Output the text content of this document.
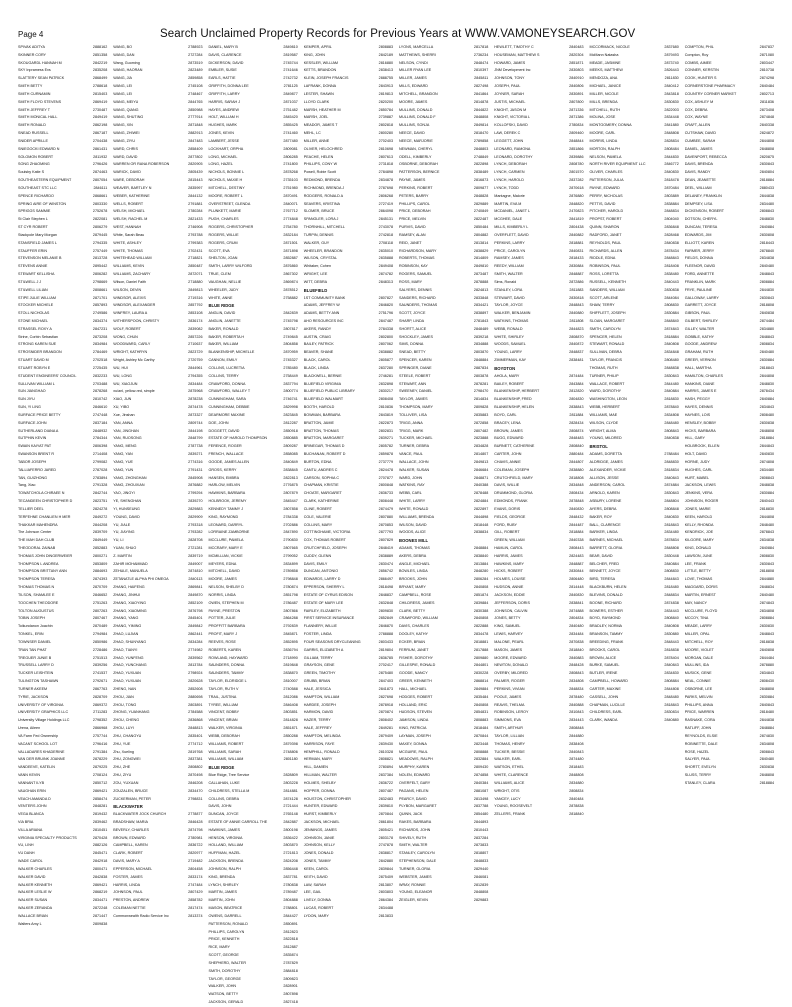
Page 4	Search Unclaimed Property Records for Previous Years at WWW.VAMONEYSEARCH.GOV
SPIVAK ADITYA	2888162
SKINNER CORY	2851358
SKOUGARDL HANNAH M	2842219
SKY Inpramess Exs	2835208
SLATTERY SEAN PATRICK	2868499
SMITH BETTY	2788618
SMITH CURNAMIN	2815403
SMITH FLOYD STEVENS	2869419
SMITH JEFFREY T	2730487
SMITH MONICAL HALL	2849419
SMITH RONALD	2862198
SNEAD RUSSELL	2867187
SNIDER APRILLE	2704438
SNIEGOCKI EDWARD N	2861431
SOLOMON ROBERT	2811932
SONG ZHAOMING	2796426
Soulsby Katie S	2874463
SOUTHEASTERN EQUIPMENT	2807054
SOUTHEAST STC LLC	2846111
SPENCE RICHARDO	2868661
SPRING AIRE OF WINSTON	2803330
SPRIGGS SAMMIE	2752678
St Clair Stephen L	2822081
ST CYR ROBERT	2806279
Stackpole Mary Morgan	2879445
STANSFIELD JAMES L	2794335
STAUFFER ERIN	2757449
STEVENSON MELANIE B	2813728
STEVENS ANNIE	2895442
STEWART KELLISHA	2806282
STILWELL J J	2798669
STILWELL LILIAN	2808661
STIPE JULIE WILLIAM	2871701
STOCKER MICHELE	2857893
STOLL NICHOLAS	2749586
STONE MICHAEL	2834374
STRASSEL ROXY A	2847231
Strine, Corbin Sebastian	2873208
STRONG KAREN SUE	2834984
STROSNIDER BRANDON	2784469
STUART DAVID M	2702518
STUART ROBYN E	2725435
STUDENT ENGINEERS' COUNCIL	2832233
SULLIVAN WILLIAM L	2703488
SUN JIANGHAO	2878268
SUN JIYU	2810742
SUN, YI LING	2846610
SURFACE PRICE BETTY	2747448
SURFACE JOHN	2837184
SUTHERLAND DIANA A	2848932
SUTPHIN KEVIN	2784344
SWAIN KAIYAT PAT	2806398
SWANSON BRENT R	2714408
TABOR JOSEPH	2799082
TALLIAFERRO JARED	2787028
TAN, GUIZHONG	2783894
Tang, Xiao	2791328
TOWATCHOLA CHIRAEE N	2842744
TECANDEEN CHRISTOPHER D	2823751
TELLIER DEEL	2824278
TERFEHNE CHANLIEN H MER	2849272
THAKKAR MAHENDRA	2844208
The Johnson Center	2839709
THE MAH DAH CLUB	2849449
THEODORAL ZAINAB	2852883
THOMAS JOHN DINGERWEIER	2800271
THOMPSON L ANDREA	2853809
THOMPSON BRITTANY ANN	2884693
THOMPSON TERESA	2874393
THOMAS THOMAS N	2870709
TILSON, SHAMLEE E	2846652
TOOCHEN THEODORE	2751263
TOLTON AUGUSTUS	2807263
TOBIN JOSEPH	2807467
Toikundanon Joachin	2870489
TONKEL, ERIN	2794984
TOWNSER DANIEL	2850986
TRAN TAN PHAT	2728486
TREGUER JUNIE B	2751513
TRUSSELL LARRY D	2839256
TUCKER LEISHTEIN	2741537
TULINGTON TASHAWN	2792671
TURNER AKEEM	2867763
TYRIE, JACKSON	2828709
UNIVERSITY OF VIRGINIA	2869372
UNIVERSITY GRAPHICS LLC	2711283
University Village Holdings LLC	2798352
Urena, Aileen	2866968
VA Farm Fed Ownership	2757744
VACANT SCHOOL LOT	2796416
VALLADARES KHADERINE	2791384
VAN DER BRUINK JOANNE	2878229
VANDEEVE, KATELIN	2879225
VANN KEVIN	2708124
VANNANT ILYB	2850712
VAUGHAN ERIN	2869421
VEACH AMANDA D	2858474
VENTERS JOHN	2848281
VEGA BLANCA	2819432
VIA BRIA	2839462
VILLA ARIANA	2810451
VIRGINIA SPECIALTY PRODUCTS	2870428
VU, LINH	2882126
VU DANH	2845471
WADE CAROL	2842918
WALKER CHARLES	2800471
WALKER DAVID	2842838
WALKER KENNETH	2869421
WALKER LESLIE W	2868219
WALKER SUSAN	2834471
WALKER ZERANDA	2872248
WALLACE BRIAN	2871447
Walters Amy L	2809838
WANG, BO	2788923
WANG, DAN	2727284
Wang, Guoming	2873519
WANG, HAORAN	2823489
WANG, JIA	2859858
WANG, LEI	2745108
WANG, LEI	2748467
WANG, MEIYU	2844765
WANG, QIANG	2850988
WANG, SHUTING	2777914
WANG, XIN	2871848
WANG, ZHIWEI	2882913
WANG, ZIYU	2847483
WARD, CHRIS	2858409
WARD, DAVID	2877802
WARREN OR RANA ROBERSON	2820905
WARICK, DAVID	2805439
WARE, DEBORAH	2815443
WEAVER, BARTLEY N	2835997
WEBER, KATHERINE	2844132
WELLS, ROBERT	2791881
WELSH, MICHAEL	2780284
WELSH, RACHEL M	2821433
WEST, HANNAH	2746908
White, Sarah Beau	2793788
WHITE, ASHLEY	2799383
WHITE, THOMAS	2702431
WHITEHEAD WILLIAM	2718821
WILLIAMS, KEVIN	2850487
WILLIAMS, ZACHARY	2872071
Wilson, Daniel Faith	2718880
WILSON, DEVIN	2849813
WINDSOR, ALEXIS	2719316
WINDSOR, ALEXANDER	2857792
WINFREY, LAURA A	2853108
WITHERSPOON, CHRISTY	2836174
WOLF, ROBERT	2839082
WONG, CHUN	2857226
WOODWARD, CARLY	2710637
WRIGHT, KATHRYN	2823729
Wright, Ashley Mc Carthy	2720759
WU, HUI	2844961
WU, LONG	2794355
WU, XIAOJUN	2834484
xu/anl, yellow-red, simple	2875968
XIAO, JUN	2878238
XU, YIBO	2874478
Xue, Jinshan	2873327
YAN, ANNA	2809744
YAN, JINGHAN	2844198
YAN, RUOSONG	2848799
YANG, MENG	2787738
YANG, YAN	2839271
YANG, YUE	2774316
YANG, YUN	2791431
YANG, ZHONGHAN	2845908
YANG, ZHOUXIAN	2876882
YAO, JINGYI	2799294
YE, SHENGHAN	2839270
YI, HUNSEUNG	2829883
YOUNG, DAVID	2829909
YU, JIALE	2793318
YU, JIAYING	2793282
YU, LI	2828708
YUAN, SHUO	2721281
Z. MARTIN	2839719
ZAHIR MOHAMMAD	2849007
ZEHULE, MANUELA	2874810
ZETANATLE ALPHA PHI OMEGA	2840113
ZHANG, HAIFENG	2869841
ZHANG, JINHUI	2849870
ZHANG, XIAOYING	2852109
ZHANG, XIAOMING	2876798
ZHANG, YANG	2845401
ZHANG, YIMING	2849842
ZHAO, LUJIAN	2862441
ZHAO, SHUNYANG	2834284
ZHAO, TIANYI	2774982
ZHAO, YUNFENG	2839562
ZHAO, YUNCHANG	2813784
ZHAO, YUXUAN	2798924
ZHAO, YUXUAN	2820628
ZHENG, NAN	2852608
ZHOU, JIAN	2880698
ZHOU, TONG	2803891
ZHONG, YUANHANG	2784588
ZHOU, CHENG	2836868
ZHOU, LUYI	2848813
ZHU, CHANGYU	2835401
ZHU, YUE	2774712
Zhu, Xueling	2819768
ZHU, ZONGWEI	2837381
ZHU, ZHE	2808802
ZHU, ZIYU	2870498
ZOU, YUXUAN	2846208
ZOUZALEN, BRUCE	2834470
ZUCKERMAN, PETER	2798831
BLACKWATER
BLACKWATER JOCK CHURCH	2778877
BRADSHAW, MARIA	2846428
BEVERLY, CHARLES	2874798
BROWN, EDWARD	2780981
CAMPBELL, KAREN	2836722
CLARK, ROBERT	2820977
DAVIS, MARY A	2719482
EPPERSON, MICHAEL	2804458
FOSTER, JAMES	2833174
HARRIS, LINDA	2747484
JOHNSON, PAUL	2807429
PRESTON, ANDREW	2858782
COLEMAN NETTIE	2817474
Commonwealth Radio Service Inc	2813374
DANIEL, MARY B	2849810
DAVIS, CLARENCE	2819587
DICKERSON, DAVID	2745744
EMBLER, SUSIE	2741646
EARLS, HATTIE	2742732
GRIFFITH, DONNA LEE	2781125
GRIFFITH, LARRY	2849877
HARRIS, SARAH J	2871037
HAYES, ANDREW	2751482
HOLT, WILLIAM H	2845420
HUGHES, MARK	2855425
JONES, KEVIN	2741460
LAMBERT, JESSE	2877480
LOCKHART, ORPHA	2809081
LONG, MICHAEL	2806285
LONG, HAZEL	2741800
NICHOLS, BONNIE L	2878268
NICHOLS, MAXIE H	2735103
MITCHELL, DESTINY	2751980
MOORE, ROBERT L	2870491
OVERSTREET, GLENDA	2840071
PLUNKETT, MARIE	2767712
PUGH, CHARLES	2774848
ROGERS, CHRISTOPHER	2754780
ROGERS, WILLIE	2832184
ROGERS, CRUM	2871501
SCOTT, EVA	2871898
SHELTON, JOAN	2852887
SMITH, LARRY WILFORD	2876860
TRUE, CLEM	2867302
VAUGHAN, NELLIE	2869874
WHEELER, JUDY	2878512
WHITE, ANNE	2758882
BLUE RIDGE
ANGLIN, DAVID	2842839
ANGLIN, JANETTE	2745798
BAKER, RONALD	2807817
BAKER, ROBERTA H	2749845
BAKER, WILLIAM	2804858
BLANKENSHIP, MICHELLE	2870959
CANNON, EMILY	2745327
COLLINS, LUCRETIA	2785480
COLLINS, TERRY	2758449
CRAWFORD, DONNA	2837794
CRAWFORD, WALLEY T	2800774
CUNNINGHAM, SARA	2746741
CUNNINGHAM, DEBBIE	2829998
DEARMORE MAXINE	2823845
DOE, JOHN	2812287
DOGGETT, DAVID	2850918
ESTATE OF HAROLD THOMPSON	2850885
FERENCE, ROGER	2809287
FRENCH, WALLACE	2858085
GOODE, JAMES ALLEN	2840849
GROSS, KERRY	2838845
HANSEN, EMBRA	2822813
HARLOW, MELVIN	2776875
HAWKINS, BARBARA	2807879
HOLBROOK, JEREMY	2845447
KENNEDY TAMMY J	2807858
KING, RAYMOND	2784338
LEONARD, DARRYL	2702886
LORRAINE ZAMBORNE	2847890
MCCLURE, PAMELA	2790830
MCCRARY, MARY E	2807665
MCMILLIAN, VICKIE	2799052
MEYERS, EDNA	2834899
MITCHELL, DAVID	2789858
MOORE, JAMES	2798848
NELSON, SHELBY D	2780874
NORRIS, LINDA	2851798
OWEN, STEPHEN M	2786487
PAYNE, PRESTON	2807866
POTTER, JULIE	2864288
PROFFITT BARBARA	2792839
PROFIT, MARY J	2845871
REEVES, ROSE	2852895
ROBERTS, KAREN	2836794
ROWLAND, HAYWARD	2718990
SAUNDERS, DONNA	2819848
SAUNDERS, TAMMY	2838870
TAYLOR, ELDRIDGE L	2810007
TAYLOR, RUTH V	2740588
TRAIL, JUSTINA	2812086
TYREE, WILLIAM	2846408
VINCENT, BOBBY	2803851
VINCENT, BRIAN	2814828
WALKER, VIRGINIA	2851871
WEBB, DEBORAH	2850288
WILLIAMS, ROBERT	2879398
WILLIAMS, SARAH	2748806
WILLIAMS, WILLIAM	2801180
BLUE RIDGE
Blue Ridge, Tree Service	2828809
CALLAHAN, LUKE	2803228
CHILDRESS, STELLA M	2814881
COLLINS, DEBRA	2874128
DAVIS, JOHN	2721444
DUNCAN, JOYCE	2765148
ESTATE OF ANNIE CARROLL THE	2842887
HAWKINS, JAMES	2800198
HENSON, VIRGINIA	2836422
HOLLAND, WILLIAM	2803870
HUFFMAN, HAZEL	2721813
JACKSON, BRENDA	2824208
JOHNSON, RALPH	2856448
KING, BRENDA	2837781
LYNCH, SHIRLEY	2780838
MARTIN, JAMES	2789487
MARTIN, JOHN	2804888
MASON, BEATRICE	2788801
OWENS, DARRELL	2844427
PATTERSON, RONALD	2850891
PHILLIPS, CAROLYN	2812823
PRICE, KENNETH	2822818
RICE, MARY	2812887
SCOTT, GEORGE	2835874
SHEPHERD, WALTER	2787829
SMITH, DOROTHY	2884818
TAYLOR, GEORGE	2809823
WALKER, JOHN	2828901
WATSON, BETTY	2807898
JACKSON, GERALD	2827418
KEMPER, APRIL	2808883
KING, JOHN	2842189
KESSLER, WILLIAM	2816880
KETTS, BRANDON	2838413
KLEIN, JOSEPH FRANCIS	2888755
LAFRANK, DONNA	2843913
LESTER, SHAWN	2819813
LLOYD CLARK	2820200
MARSH, HEATHER M	2850784
MARSH, JOEL	2739887
MEADOR, JAMES T	2802818
MEHL, LC	2800280
MILLER, ANNE	2702403
OLIVER, HELOCHRED	2810698
PEACHE, HELEN	2807613
PHILLIPS, CONY W	2731818
Powell, Robie Scott	2784898
REDMOND, BRENDA	2834878
RICHMOND, BRENDA J	2787698
RODGERS, RONALD A	2806268
SEAVERS, KRISTINA	2727419
SLOMER, BRUCE	2864098
SPANGLER, LORA J	2845131
THORNHILL, MITCHELL	2743078
TURPIN, DENNIS	2742818
WALKER, GUY	2708118
WHEELER, BRANDON	2835010
WILSON, CRYSTAL	2835888
Whitaker, Cohen	2849408
WRIGHT, LEE	2874782
WITT, DEBRA	2848313
BLUEFIELD
1ST COMMUNITY BANK	2807827
ADAMS, JEFFREY W	2846820
ADAMS, BETTY ANN	2751796
AHO RESOURCES INC	2847487
AKERS, RANDY	2784338
AUSTIN, CRAIG	2802800
BAILEY, PATRICK	2807062
BEAVER, SHANE	2838882
BLACK, CAROL	2805877
BLACK, LINDA	2837280
BLACKWELL, BERNIE	2746281
BLUEFIELD VIRGINIA	2832898
BLUEFIELD PUBLIC LIBRARY	2830217
BLUEFIELD WALMART	2808408
BOOTH, HAROLD	2810836
BOWMAN, BARBARA	2843819
BRATTON, JAMIE	2822873
BRATTON, THOMAS	2802831
BRATTON, MARGARET	2839271
BRINEGAR, THOMAS D	2805782
BUCHANAN, ROBERT D	2859878
BURTON, EDNA	2737779
CANTU, ANDRES C	2824478
CARSON, SOPHIA C	2707877
CHAPMAN, KRISTIE	2800848
CHOATE, MARGARET	2836733
CLARK, KATHERINE	2808448
CLINE, ROBERT	2874479
COLE, VALERIE	2807880
COLLINS, MARY	2870853
COTTINGHAME, VICTORIA	2877793
COX, THOMAS ROBERT	2807829
CRUTCHFIELD, JOSEPH	2848419
CUDDY, GLENN	2838889
DAVIS, EMILY	2830474
DUNCAN, ANTONIO	2856742
EDWARDS, LARRY D	2866497
EPPERSON, SHERRY L	2818498
ESTATE OF CYRUS EDISON	2848837
ESTATE OF MARY LEE	2832848
FAIRLEY, ELIZABETH	2809830
FIRST SERVICE INSURANCE	2852849
FLANNERY, WILLIE	2846870
FOSTER, LINDA	2788888
FOUR SEASONS DRYCLEANING	2803433
GARRIS, ELIZABETH A	2819804
GILLIAM, TERRY	2836785
GRAYSON, GENE	2702417
GREEN, TIMOTHY	2875480
GRUBB, BRIAN	2847403
HALE, JESSICA	2841873
HAMPTON, WILLIAM	2827698
HARDEE, JOSEPH	2878918
HARMON, DAVID	2870874
HAZER, TERRY	2808402
HALE, JEFFREY	2849281
HAMPTON, MELINDA	2879409
HARRISON, FAYE	2839430
HEMPHILL, RONALD	2810328
HERMAN, MARY	2808821
HILL, DAMIEN	2780894
HILLMAN, WALTER	2837384
HOLMES, SHELBY	2836722
HOPPER, DONNA	2807487
HOUSTON, CHRISTOPHER	2832483
HUNTER, EDWARD	2839810
HURST, KIMBERLY	2870844
JACKSON, MICHAEL	2861804
JENNINGS, JAMES	2805421
JOHNSON, JANIE	2803178
JOHNSON, KELLY	2747878
JONES, DONALD	2838817
JONES, TAMMY	2842880
KEEN, CAROL	2839844
KEITH, DAVID	2875409
LAW, SARAH	2813807
LEE, GAIL	2803803
LIVELY, DONNA	2864384
LUCAS, ROBERT	2834488
LYDON, MARY	2813833
LYONS, MARCELLA	2817818
MATTHEWS, SHERRI	2736234
NELSON, CYNDI	2848474
MILLER RYAN LEE	2810397
MILLER, JAMES	2845811
MILLS, EDWARD	2827498
MITCHELL, BRANDON	2841864
MOORE, JAMES	2814878
MULLINS, DONALD	2844822
MULLINS, DONALD F	2848808
MULLINS, SONJA	2849814
NEECE, DAVID	2818470
NEECE, MARJORIE	2789858
NEWMAN, CHERYL	2848803
ODELL, KIMBERLY	2748849
OSBORNE, DEBORAH	2822898
PATTERSON, BERNICE	2838489
PAYNE, JAMES	2816873
PERKINS, ROBERT	2809877
PETERS, BARRY	2848828
PHILLIPS, CAROL	2829889
PRICE, DEBORAH	2740849
PRICE, MELVIN	2822487
PURVIS, DAVID	2850484
RAMSEY, ALAN	2804882
REID, JANET	2813814
RICHARDSON, MARY	2838829
ROBERTS, THOMAS	2814809
ROBINSON, KAY	2849810
ROGERS, SAMUEL	2873487
ROSS, MARY	2878888
SALYERS, DENNIS	2824813
SANDERS, RICHARD	2833848
SAUNDERS, THOMAS	2834421
SCOTT, JOYCE	2838897
SHARP, LINDA	2781843
SHORTT, ALICE	2848489
SHOCKLEY, JAMES	2839218
SIMS, DONNA	2834888
SNEAD, BETTY	2803870
SPENCER, KAREN	2848884
SPRINGER, DIANE	2887834
STEELE, ROBERT	2803878
STEWART, ANN	2878281
SWEENEY, DANIEL	2798470
TAYLOR, JAMES	2814834
THOMPSON, MARY	2809828
TOLLIVER, LISA	2835883
TRIGG, ANNA	2872858
TRIGG, MARK	2807482
TUCKER, MICHAEL	2823888
TURNER, DEBRA	2834828
VANCE, PAUL	2814807
WALLACE, JOHN	2849813
WALKER, SUSAN	2846684
WARD, JOHN	2848871
WATKINS, RAY	2840388
WEBB, CARL	2878488
WHITE, LARRY	2824884
WHITE, RONALD	2822897
WILLIAMS, BRENDA	2844898
WILSON, DAVID	2818448
WOODS, ALICE	2838834
BOONES MILL
ADAMS, THOMAS	2848884
AKERS, DEBRA	2838840
ANGLE, MICHAEL	2813884
BOWLES, LINDA	2848280
BROOKS, JOHN	2806284
BRYANT, MARY	2840808
CAMPBELL, ROSE	2851874
CHILDRESS, JAMES	2839884
CLARK, BETTY	2830388
CRAWFORD, WILLIAM	2840808
DAVIS, CHARLES	2822888
DOOLEY, KATHY	2834478
ECKER, BRIAN	2818881
FERRUM, JANET	2817888
FISHER, DOROTHY	2809880
GILLESPIE, RONALD	2844801
GOODE, NANCY	2830228
GREER, KENNETH	2868814
HALL, MICHAEL	2849884
HODGES, ROBERT	2835484
HOLLAND, ERIC	2840808
HUDSON, STEVEN	2854831
JAMISON, LINDA	2808883
KING, PATRICIA	2818484
LAYMAN, JOSEPH	2870844
MAXEY, DONNA	2823448
MCGUIRE, PAUL	2808888
MEADOWS, RALPH	2832884
MURPHY, KAREN	2809430
NOLEN, EDWARD	2874858
OVERFELT, GARY	2840384
PAGANS, HELEN	2881087
PEARCY, DAVID	2813498
PLYBON, MARGARET	2837788
QUINN, JACK	2854480
RAKES, BARBARA	2844893
RICHARDS, JOHN	2810443
SHIVELY, RUTH	2837284
SMITH, WALTER	2873833
STANLEY, CAROLYN	2818807
STEPHENSON, DALE	2848833
TURNER, GLORIA	2829440
WEBSTER, JAMES	2846081
WRAY, RONNIE	2812839
YOUNG, ELEANOR	2848808
ZEIGLER, KEVIN	2829883
HEWLETT, TIMOTHY C	2840483
HOUSEMAN, MATTHEW S	2820304
HOWARD, JAMES	2851871
JNM Development Inc	2830803
JOHNSON, TONY	2840910
JOSEPH, PAUL	2840806
JOYNER, SARAH	2830891
JUSTIS, MICHAEL	2807800
KNIGHT, JASON M	2871336
KNIGHT, VICTORIA L	2871386
KOLLOFSKI, DAVID	2780834
LAW, DEREK C	2809460
LEGGETT, JOHN	2848844
LEONARD, RAMONA	2851866
LEONARD, DOROTHY	2839886
LYNCH, DEBORAH	2808780
LYNCH, CARMEN	2801570
LYNCH, HAROLD	2837282
LYNCH, TODD	2870618
Mantagne, Malorie	2876880
MARTIN, EVA M	2848820
MCDANIEL, JANET L	2470823
MCGHEE, DALE	2841819
MILLS, KIMBERLY L	2804438
OVERFLETT, DAVID	2840882
PERKINS, LARRY	2818881
PRICE, CAROLYN	2840831
RAMSEY, JAMES	2818433
REEDY, WILLIAM	2830884
SMITH, WALTER	2848887
Sims, Ronald	2872886
STANLEY, LORA	2811883
STEWART, DAVID	2830818
TAYLOR, JOYCE	2848843
WALKER, BENJAMIN	2840880
WATKINS, THOMAS	2811808
WEBB, RONALD	2844823
WHITE, SHIRLEY	2808870
WOODS, SAMUEL	2840872
YOUNG, LARRY	2848837
ZIMMERMAN, KAY	2838481
BOYDTON
AHOLA, MARY	2874484
BAILEY, ROBERT	2843884
BLANKENSHIP, HERBERT	2812820
BLANKENSHIP, FRED	2804830
BLANKENSHIP, HELEN	2838843
BOYD, CARL	2811884
BRACEY, LENA	2828434
BROWN, JAMES	2808874
BUGG, EDWARD	2848483
BURNETT, CATHERINE	2808840
CARTER, JOHN	2880484
CHAVIS, ANNIE	2844807
COLEMAN, JOSEPH	2838880
CRUTCHFIELD, MARY	2818808
DAVIS, WILLIE	2834848
DRUMMOND, GLORIA	2808434
EDMONDS, FRANK	2878848
EVANS, DORIS	2840830
FIELDS, GEORGE	2848432
FORD, RUBY	2844487
GILL, ROBERT	2818884
GREEN, WILLIAM	2840338
HAMLIN, CAROL	2808443
HARRIS, JAMES	2824483
HAWKINS, MARY	2848887
HICKS, ROBERT	2830844
HOLMES, LOUISE	2806480
HUDSON, ANNIE	2814448
JACKSON, EDDIE	2840830
JEFFERSON, DORIS	2838841
JOHNSON, CALVIN	2874888
JONES, BETTY	2804834
KING, SAMUEL	2840480
LEWIS, HARVEY	2834484
MALONE, PEARL	2870838
MASON, JAMES	2818840
MOORE, EDWARD	2840883
NEWTON, DONALD	2848428
OVERBY, MILDRED	2808843
PALMER, ROGER	2834808
PERKINS, VIVIAN	2848834
POOLE, JAMES	2878480
REAVIS, THELMA	2840888
ROBINSON, LEROY	2810843
SIMMONS, EVA	2834443
SMITH, ARTHUR	2808848
TAYLOR, LILLIAN	2844880
THOMAS, HENRY	2838408
TUCKER, BESSIE	2840843
WALKER, EARL	2874480
WATSON, ETHEL	2818483
WHITE, CLARENCE	2848808
WILLIAMS, ALICE	2834880
WRIGHT, OTIS	2808834
YANCEY, LUCY	2840484
YOUNG, ROOSEVELT	2878838
ZELLERS, FRANK	2818840
MCCORMACK, NICOLE	2837680
McMann Natasha	2879493
MEADE, JASMINE	2873740
MEEKS, MATTHEW	2826443
MENDOZA, ANA	2811830
MICHAEL, JANICE	2840412
MILLER, NICOLE	2843818
MILLS, BRENDA	2830830
MITCHELL, RUTH	2822003
MOLINA, JOSE	2834448
MONTGOMERY, DONNA	2841880
MOORE, CARL	2848808
MORRIS, LINDA	2828834
MORTON, RALPH	2808484
NELSON, PAMELA	2844830
NORTH RIVER EQUIPMENT LLC	2846772
OLIVER, CHARLES	2840830
PATTERSON, JULIA	2818478
PAYNE, EDWARD	2870484
PERRY, NICHOLAS	2803889
PETTIS, DAVID	2838884
PITCHER, HAROLD	2848834
PROPST, ROBERT	2804040
QUINN, SHARON	2836848
RADFORD, JANET	2828468
REYNOLDS, PAUL	2840838
RICHARDS, ALLEN	2878434
RIDDLE, EDNA	2848843
ROBINSON, PAUL	2818408
ROSS, LORETTA	2838480
RUSSELL, KENNETH	2840443
SANDERS, WILLIAM	2830838
SCOTT, ARLENE	2844084
SHAW, TERRY	2808830
SHIFFLETT, JOSEPH	2830884
SLOAN, MARGARET	2848840
SMITH, CAROLYN	2874843
SPENCER, HELEN	2818884
STEWART, RONALD	2840808
SULLIVAN, DEBRA	2834848
TAYLOR, FRANCIS	2808480
THOMAS, RUTH	2848838
TURNER, PHILIP	2830843
WALLACE, ROBERT	2844480
WARD, DOROTHY	2840884
WASHINGTON, LEON	2818830
WEBB, HERBERT	2878840
WILLIAMS, MAE	2834808
WILSON, CLYDE	2848480
WRIGHT, ALMA	2808843
YOUNG, MILDRED	2840838
BRISTOL
ADAMS, DORETTA	2788484
ALDRIDGE, JAMES	2848830
ALEXANDER, VICKIE	2818834
ALLISON, JESSE	2840843
ANDERSON, CAROL	2874884
ARNOLD, KAREN	2830843
ASBURY, LORENE	2848804
AYERS, DEBRA	2808848
BAKER, ROY	2840830
BALL, CLARENCE	2818843
BARKER, LINDA	2834480
BARNES, MICHAEL	2878834
BARRETT, GLORIA	2848808
BEAR, DAVID	2830448
BELCHER, FRED	2840884
BENNETT, JOYCE	2808830
BIRD, TERESA	2844843
BLACKBURN, HELEN	2818480
BLEVINS, DONALD	2848834
BOONE, RICHARD	2874838
BOWERS, ESTHER	2834443
BOYD, RAYMOND	2808840
BRADLEY, NORMA	2840808
BRANSON, TAMMY	2830880
BREEDING, FRANK	2848443
BROOKS, CAROL	2818838
BROWN, ALICE	2878404
BURKE, SAMUEL	2840843
BUTLER, IRENE	2834830
CAMPBELL, HOWARD	2808884
CARTER, MAXINE	2844808
CASSELL, JOHN	2848480
CHAPMAN, LUCILLE	2818843
CHILDRESS, EARL	2830834
CLARK, WANDA	2840880
COMPTON, PHIL	2847837
Compton, Roy	2871080
COMBS, AIMEE	2803447
CONNER, KERSTIN	2810738
COOK, HUNTER S	2874298
CORNERSTONE PHARMACY	2840484
COUNTRY CORNER MARKET	2802713
COX, ASHLEY M	2811836
COX, DEBRA	2873408
COX, WAYNE	2874848
CRAFT, ALLEN	2840338
CUTSHAW, DAVID	2824872
CUMBEE, SARAH	2844808
DANIEL, JAMES	2848808
DAVENPORT, REBECCA	2820875
DAVIS, BRENDA	2830843
DAVIS, RANDY	2840804
DEAN, JEANETTE	2818884
DEEL, WILLIAM	2880433
DELANEY, FRANKLIN	2844838
DEMPSEY, LISA	2834480
DICKENSON, ROBERT	2808843
DOTSON, CHERYL	2848830
DUNCAN, TERESA	2840884
EDWARDS, JIM	2830808
ELLIOTT, KAREN	2818443
FARMER, JERRY	2878840
FIELDS, DONNA	2834838
FLEENOR, DAVID	2840480
FORD, ANNETTE	2848843
FRANKLIN, MARK	2808884
FRYE, PAULINE	2844830
GALLOWAY, LARRY	2830843
GARRETT, JOYCE	2818808
GIBSON, PAUL	2840838
GILBERT, SHIRLEY	2874484
GILLEY, WALTER	2834880
GOBBLE, KATHY	2848843
GOODE, ANDREW	2808834
GRAHAM, RUTH	2840480
GREER, VERNON	2830884
HALL, MARTHA	2818843
HAMILTON, CHARLES	2844808
HANKINS, DIANE	2848830
HARRIS, JAMES E	2878434
HASH, PEGGY	2840884
HAYES, DENNIS	2834843
HAYNES, LOIS	2808480
HENSLEY, BOBBY	2830838
HICKS, BARBARA	2848808
HILL, GARY	2818884
HOLBROOK, ELLEN	2844843
HOLT, DAVID	2840830
HORNE, JUDY	2874808
HUGHES, CARL	2834480
HURT, MABEL	2808843
JACKSON, LEWIS	2848838
JENKINS, VERA	2830884
JOHNSON, ROGER	2840443
JONES, MARIE	2818830
KEEN, HAROLD	2844808
KELLY, RHONDA	2848480
KENDRICK, JOE	2878843
KILGORE, MARY	2834838
KING, DONALD	2840884
LAWSON, JUNE	2808830
LEE, FRANK	2830843
LITTLE, BETTY	2818808
LOVE, THOMAS	2844880
MAGGARD, DORIS	2848834
MARTIN, ERNEST	2840480
MAY, NANCY	2874843
MCCLURE, FLOYD	2834808
MCCOY, TINA	2808884
MEADE, LARRY	2830830
MILLER, OPAL	2848843
MITCHELL, ROY	2818838
MOORE, VIOLET	2840808
MORGAN, DALE	2844484
MULLINS, IDA	2878880
MUSICK, GENE	2834843
NEAL, CONNIE	2808430
OSBORNE, LEE	2848808
PARKS, MELVIN	2830884
PHILLIPS, ANNA	2840843
PRICE, WARREN	2818480
RASNAKE, CORA	2844838
RATLIFF, JOHN	2848884
REYNOLDS, ELSIE	2874830
ROBINETTE, DALE	2834808
ROSE, HAZEL	2808843
SALYER, PAUL	2840480
SHORTT, EVELYN	2830838
SLUSS, TERRY	2848808
STANLEY, CLARA	2818884
